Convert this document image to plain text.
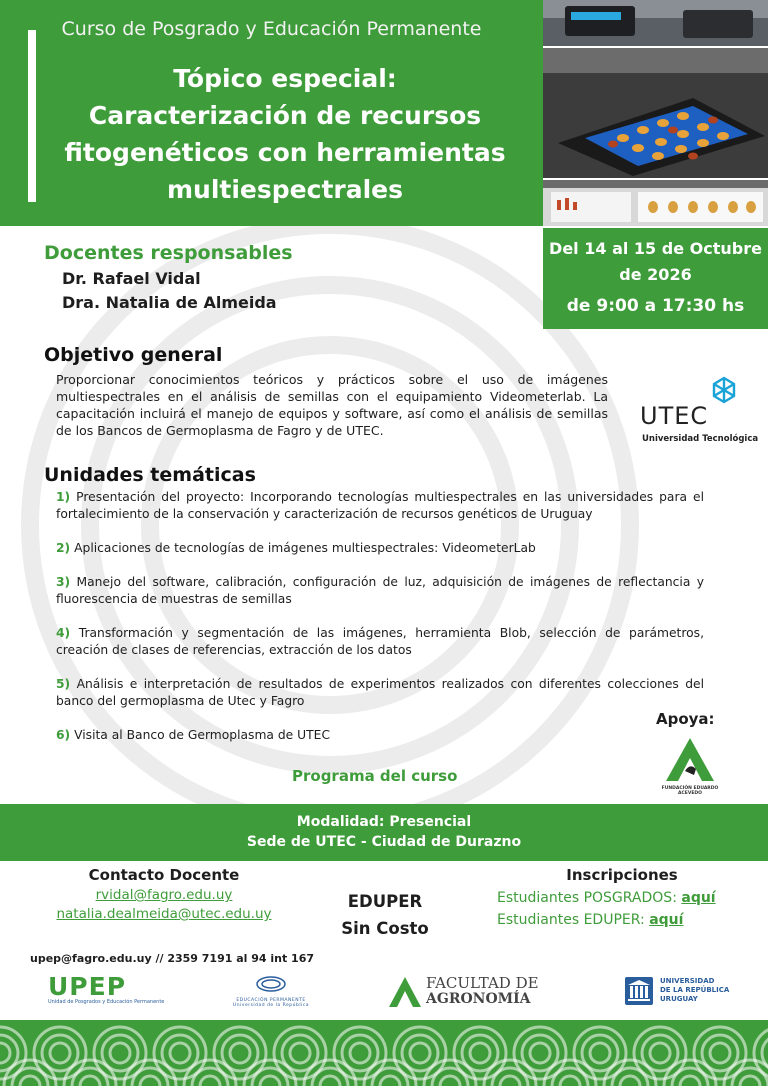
Curso de Posgrado y Educación Permanente
Tópico especial:
Caracterización de recursos
fitogenéticos con herramientas
multiespectrales
Del 14 al 15 de Octubre
de 2026
de 9:00 a 17:30 hs
Docentes responsables
Dr. Rafael Vidal
Dra. Natalia de Almeida
Objetivo general

Proporcionar conocimientos teóricos y prácticos sobre el uso de imágenes multiespectrales en el análisis de semillas con el equipamiento Videometerlab. La capacitación incluirá el manejo de equipos y software, así como el análisis de semillas de los Bancos de Germoplasma de Fagro y de UTEC.

UTEC
Universidad Tecnológica
Unidades temáticas
1) Presentación del proyecto: Incorporando tecnologías multiespectrales en las universidades para el fortalecimiento de la conservación y caracterización de recursos genéticos de Uruguay
2) Aplicaciones de tecnologías de imágenes multiespectrales: VideometerLab
3) Manejo del software, calibración, configuración de luz, adquisición de imágenes de reflectancia y fluorescencia de muestras de semillas
4) Transformación y segmentación de las imágenes, herramienta Blob, selección de parámetros, creación de clases de referencias, extracción de los datos
5) Análisis e interpretación de resultados de experimentos realizados con diferentes colecciones del banco del germoplasma de Utec y Fagro
6) Visita al Banco de Germoplasma de UTEC
Programa del curso
Apoya:
FUNDACIÓN EDUARDO ACEVEDO
Modalidad: Presencial
Sede de UTEC - Ciudad de Durazno
Contacto Docente
rvidal@fagro.edu.uy
natalia.dealmeida@utec.edu.uy
EDUPER
Sin Costo
Inscripciones
Estudiantes POSGRADOS: aquí
Estudiantes EDUPER: aquí
upep@fagro.edu.uy // 2359 7191 al 94 int 167
UPEP
Unidad de Posgrados y Educación Permanente	EDUCACIÓN PERMANENTE
Universidad de la República
FACULTAD DE
AGRONOMÍA
UNIVERSIDAD
DE LA REPÚBLICA
URUGUAY
